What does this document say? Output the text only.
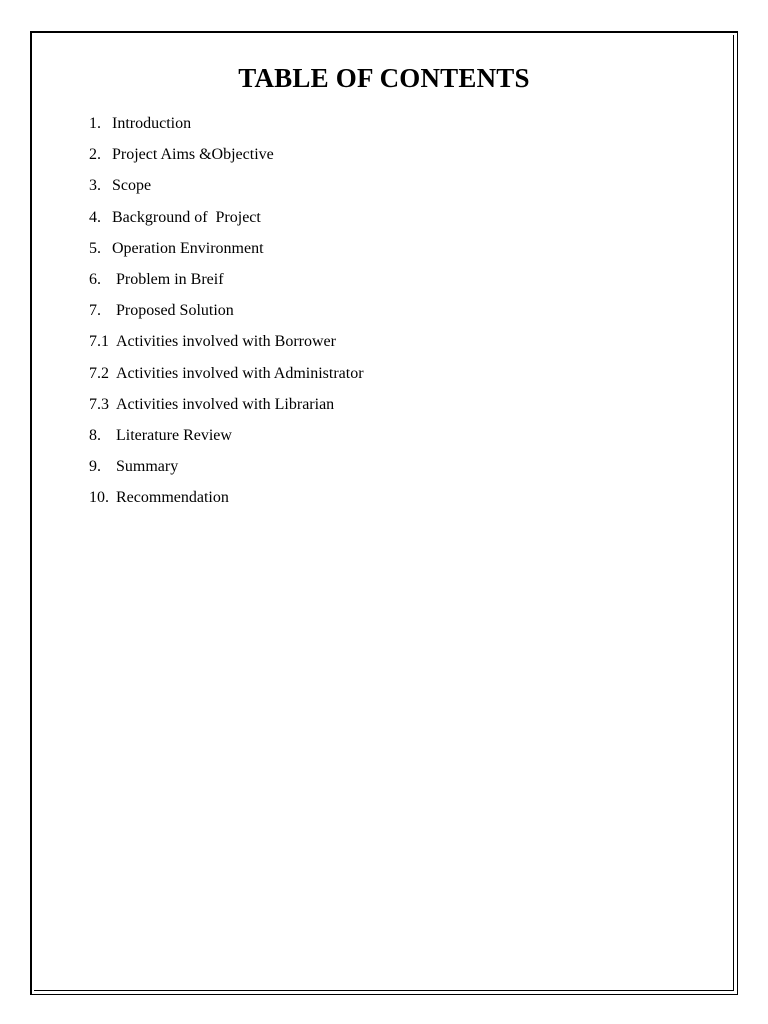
TABLE OF CONTENTS
1. Introduction
2. Project Aims &Objective
3. Scope
4. Background of  Project
5. Operation Environment
6. Problem in Breif
7. Proposed Solution
7.1 Activities involved with Borrower
7.2 Activities involved with Administrator
7.3 Activities involved with Librarian
8. Literature Review
9. Summary
10. Recommendation
